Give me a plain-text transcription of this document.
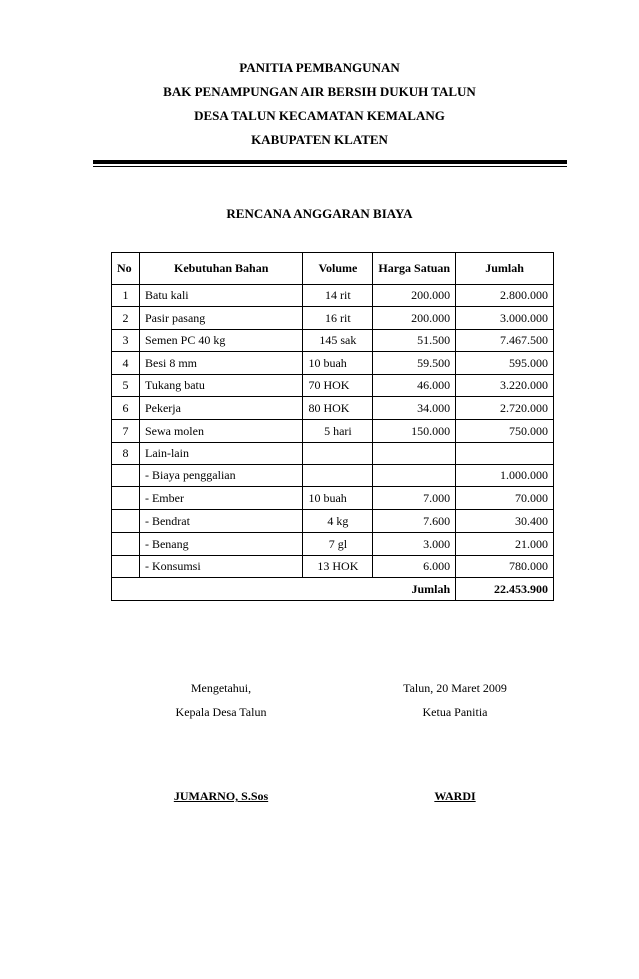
PANITIA PEMBANGUNAN
BAK PENAMPUNGAN AIR BERSIH DUKUH TALUN
DESA TALUN KECAMATAN KEMALANG
KABUPATEN KLATEN
RENCANA ANGGARAN BIAYA
No	Kebutuhan Bahan	Volume	Harga Satuan	Jumlah
1	Batu kali	14 rit	200.000	2.800.000
2	Pasir pasang	16 rit	200.000	3.000.000
3	Semen PC 40 kg	145 sak	51.500	7.467.500
4	Besi 8 mm	10 buah	59.500	595.000
5	Tukang batu	70 HOK	46.000	3.220.000
6	Pekerja	80 HOK	34.000	2.720.000
7	Sewa molen	5 hari	150.000	750.000
8	Lain-lain			
	- Biaya penggalian			1.000.000
	- Ember	10 buah	7.000	70.000
	- Bendrat	4 kg	7.600	30.400
	- Benang	7 gl	3.000	21.000
	- Konsumsi	13 HOK	6.000	780.000
			Jumlah	22.453.900
Mengetahui,
Kepala Desa Talun
JUMARNO, S.Sos
Talun, 20 Maret 2009
Ketua Panitia
WARDI
